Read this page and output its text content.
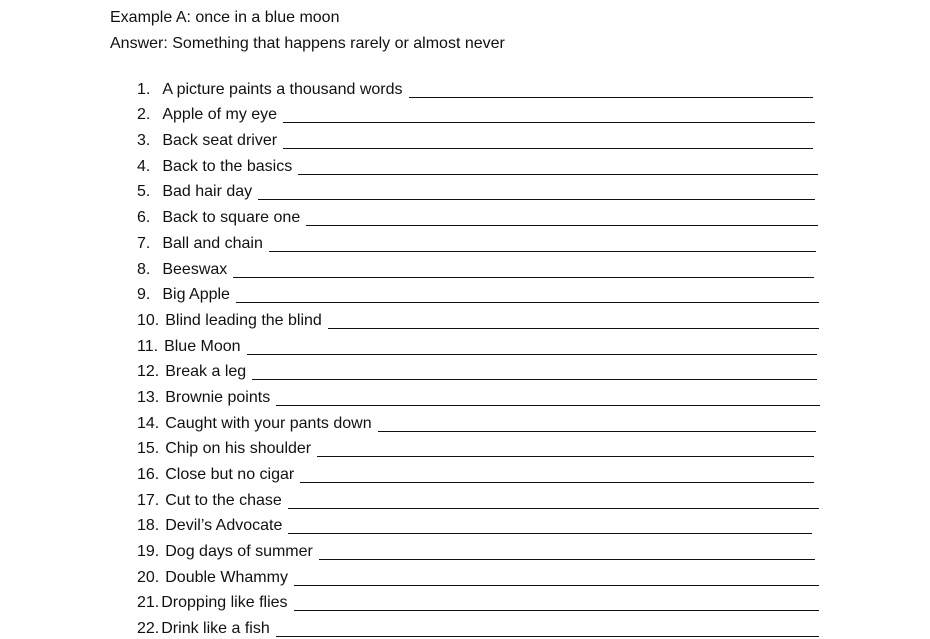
Example A: once in a blue moon
Answer: Something that happens rarely or almost never
1. A picture paints a thousand words
2. Apple of my eye
3. Back seat driver
4. Back to the basics
5. Bad hair day
6. Back to square one
7. Ball and chain
8. Beeswax
9. Big Apple
10. Blind leading the blind
11. Blue Moon
12. Break a leg
13. Brownie points
14. Caught with your pants down
15. Chip on his shoulder
16. Close but no cigar
17. Cut to the chase
18. Devil’s Advocate
19. Dog days of summer
20. Double Whammy
21. Dropping like flies
22. Drink like a fish
